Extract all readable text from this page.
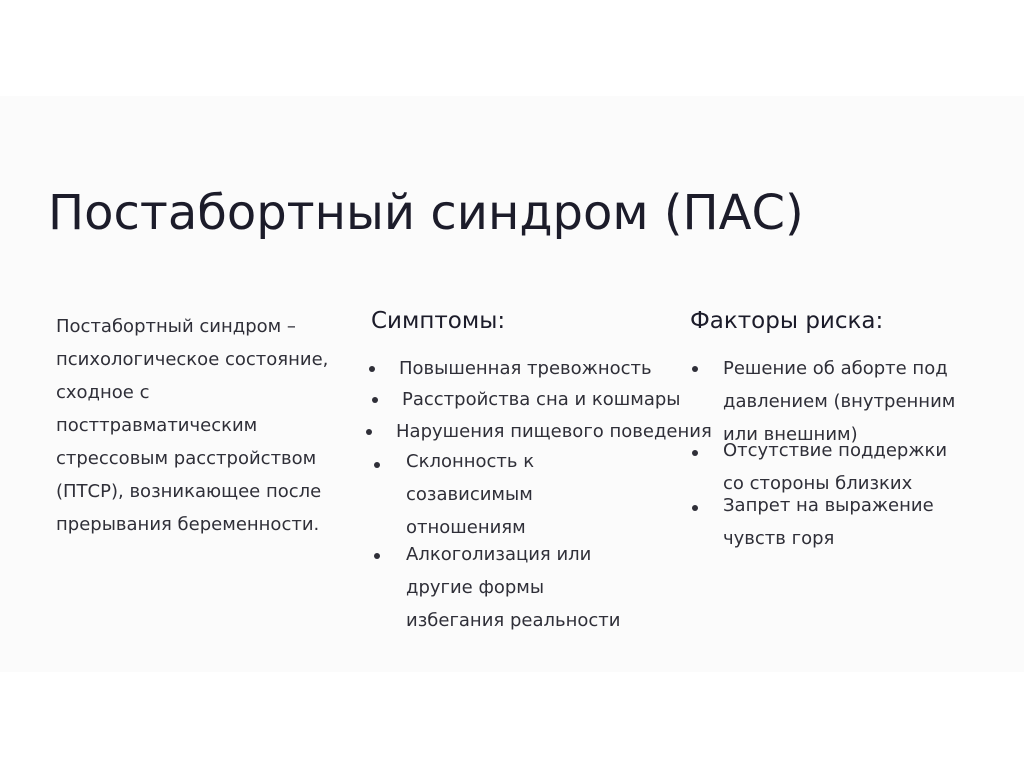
Постабортный синдром (ПАС)

Постабортный синдром – психологическое состояние, сходное с посттравматическим стрессовым расстройством (ПТСР), возникающее после прерывания беременности.

Симптомы:
Повышенная тревожность
Расстройства сна и кошмары
Нарушения пищевого поведения
Склонность к созависимым отношениям
Алкоголизация или другие формы избегания реальности
Факторы риска:
Решение об аборте под давлением (внутренним или внешним)
Отсутствие поддержки со стороны близких
Запрет на выражение чувств горя
